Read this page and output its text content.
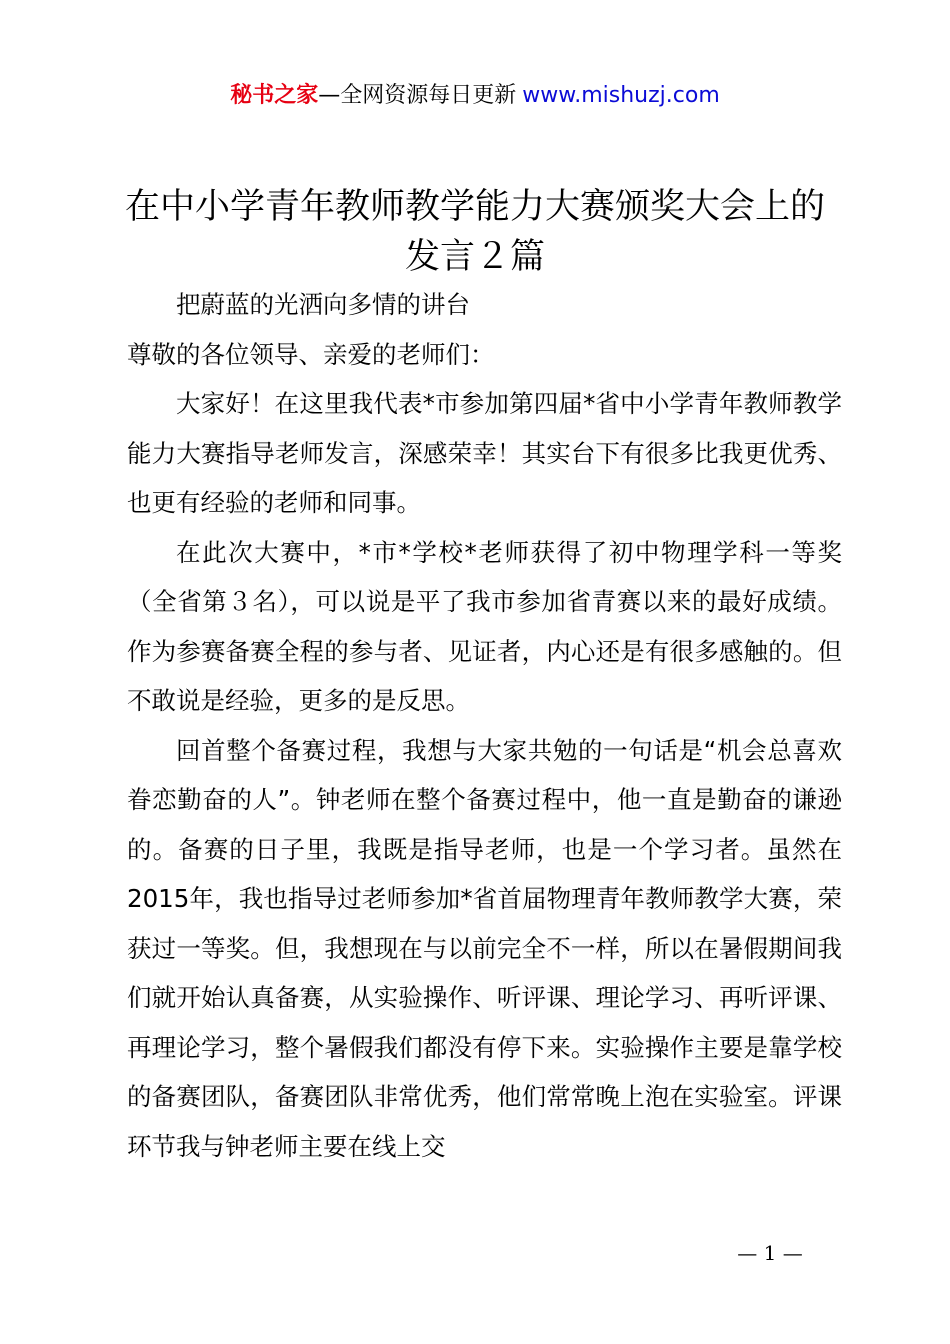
秘书之家—全网资源每日更新 www.mishuzj.com
在中小学青年教师教学能力大赛颁奖大会上的
发言２篇

把蔚蓝的光洒向多情的讲台

尊敬的各位领导、亲爱的老师们：

大家好！在这里我代表*市参加第四届*省中小学青年教师教学能力大赛指导老师发言，深感荣幸！其实台下有很多比我更优秀、也更有经验的老师和同事。

在此次大赛中，*市*学校*老师获得了初中物理学科一等奖（全省第３名），可以说是平了我市参加省青赛以来的最好成绩。作为参赛备赛全程的参与者、见证者，内心还是有很多感触的。但不敢说是经验，更多的是反思。

回首整个备赛过程，我想与大家共勉的一句话是“机会总喜欢眷恋勤奋的人”。钟老师在整个备赛过程中，他一直是勤奋的谦逊的。备赛的日子里，我既是指导老师，也是一个学习者。虽然在2015年，我也指导过老师参加*省首届物理青年教师教学大赛，荣获过一等奖。但，我想现在与以前完全不一样，所以在暑假期间我们就开始认真备赛，从实验操作、听评课、理论学习、再听评课、再理论学习，整个暑假我们都没有停下来。实验操作主要是靠学校的备赛团队，备赛团队非常优秀，他们常常晚上泡在实验室。评课环节我与钟老师主要在线上交

— 1 —
